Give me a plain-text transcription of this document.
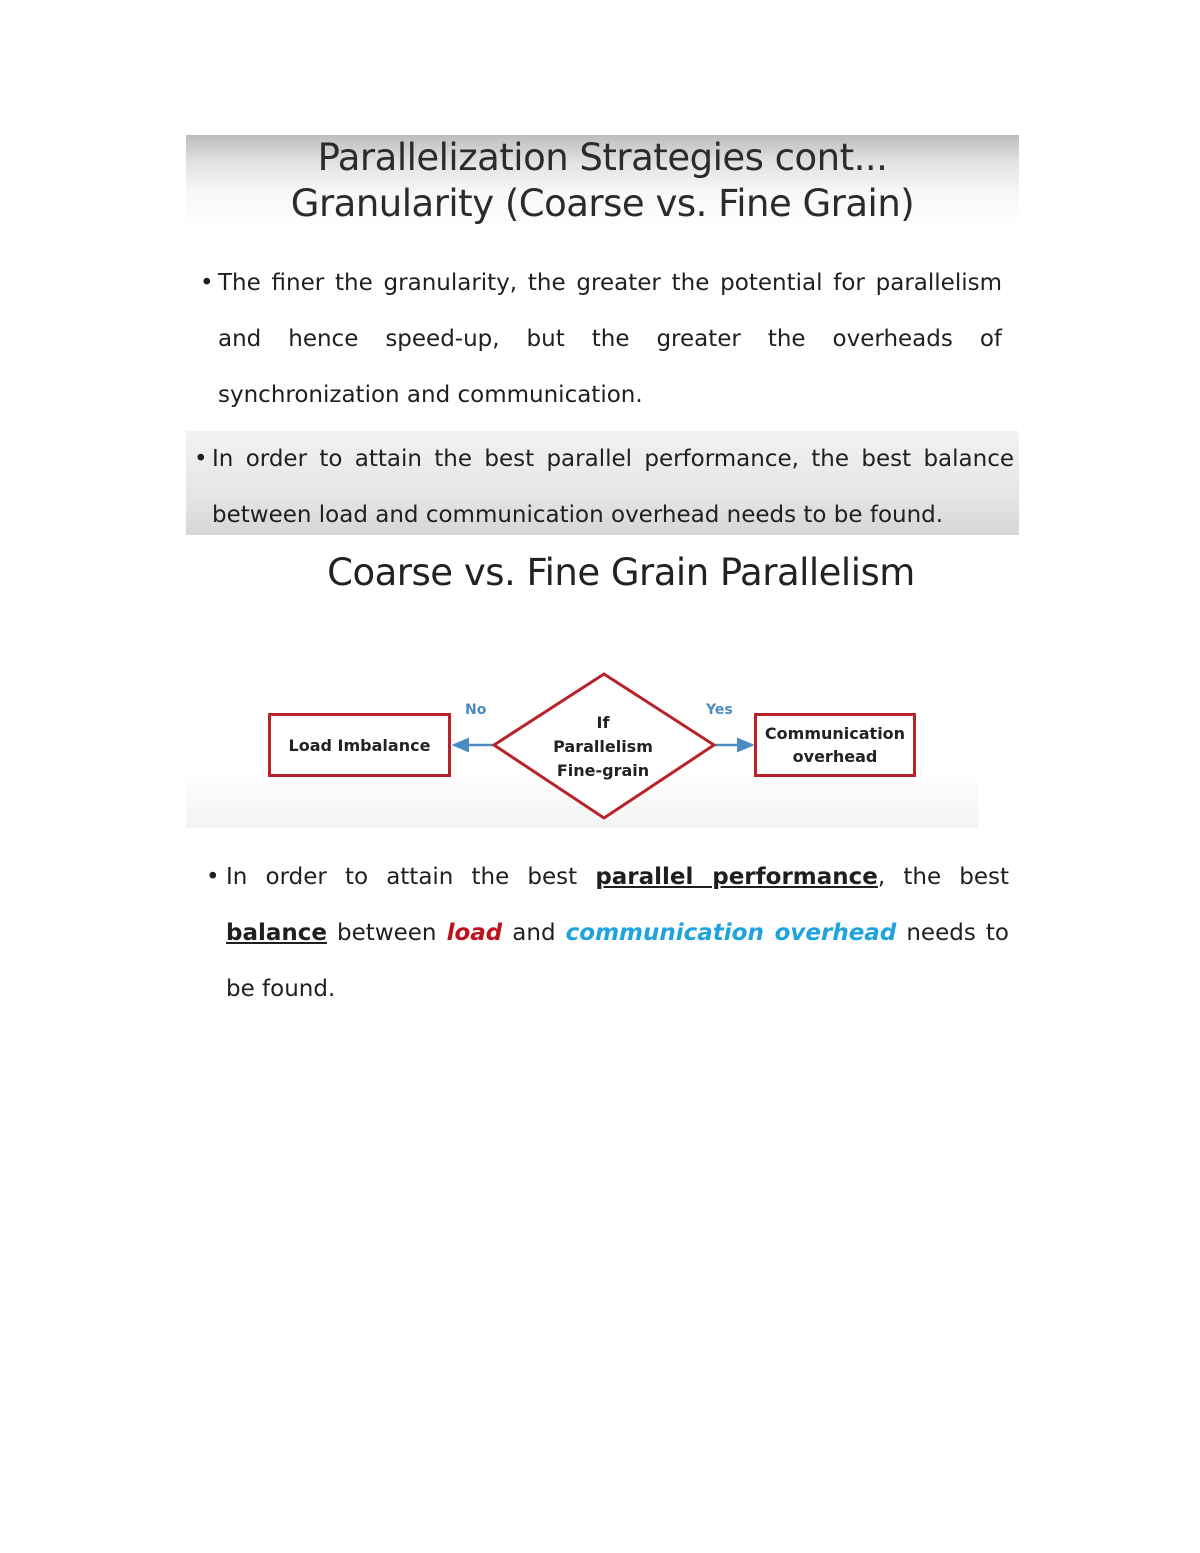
Parallelization Strategies cont...
Granularity (Coarse vs. Fine Grain)
• The finer the granularity, the greater the potential for parallelism and hence speed-up, but the greater the overheads of synchronization and communication.
• In order to attain the best parallel performance, the best balance between load and communication overhead needs to be found.
Coarse vs. Fine Grain Parallelism
No	Yes
Load Imbalance
If
Parallelism
Fine-grain
Communication
overhead
• In order to attain the best parallel performance, the best balance between load and communication overhead needs to be found.
